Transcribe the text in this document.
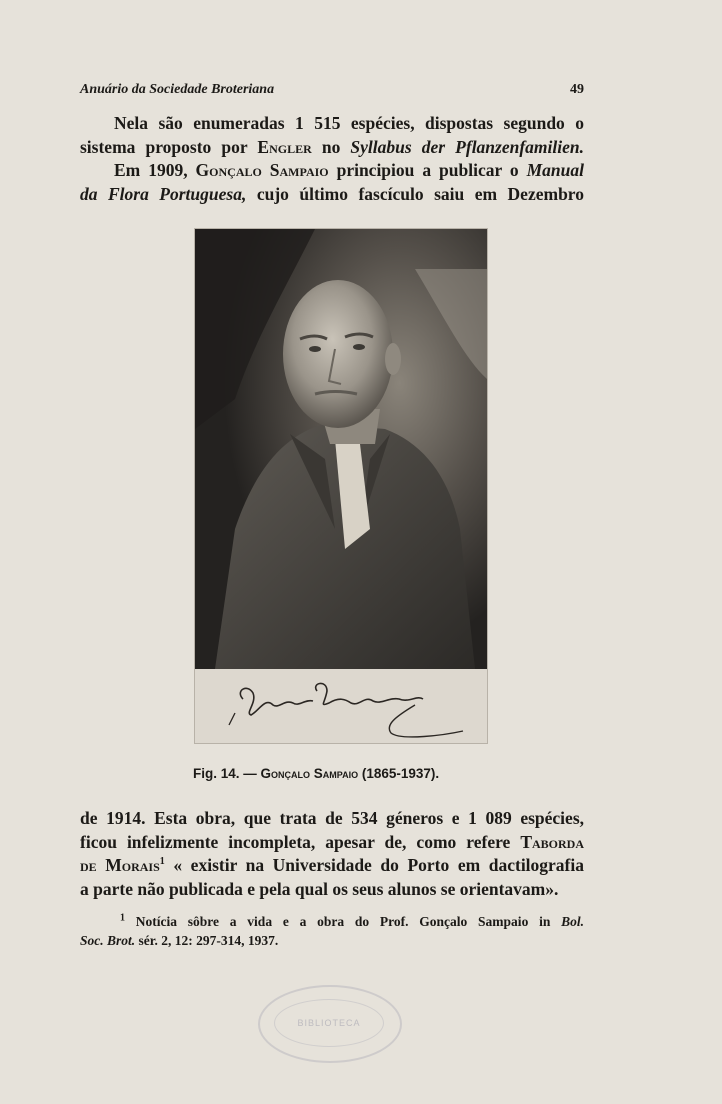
Anuário da Sociedade Broteriana	49
Nela são enumeradas 1 515 espécies, dispostas segundo o
sistema proposto por Engler no Syllabus der Pflanzenfamilien.
Em 1909, Gonçalo Sampaio principiou a publicar o Manual
da Flora Portuguesa, cujo último fascículo saiu em Dezembro
Fig. 14. — Gonçalo Sampaio (1865-1937).
de 1914. Esta obra, que trata de 534 géneros e 1 089 espécies,
ficou infelizmente incompleta, apesar de, como refere Taborda
de Morais$^1$ « existir na Universidade do Porto em dactilografia
a parte não publicada e pela qual os seus alunos se orientavam».
$^1$ Notícia sôbre a vida e a obra do Prof. Gonçalo Sampaio in Bol.
Soc. Brot. sér. 2, 12: 297-314, 1937.
BIBLIOTECA
